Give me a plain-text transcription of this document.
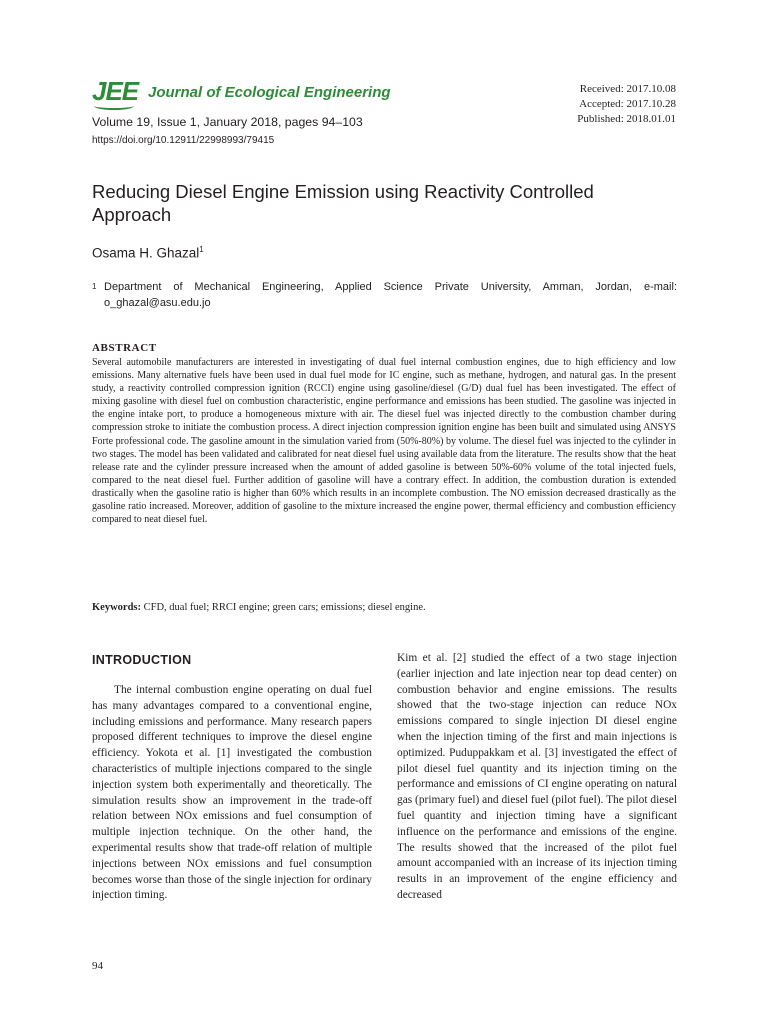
JEE Journal of Ecological Engineering
Volume 19, Issue 1, January 2018, pages 94–103
https://doi.org/10.12911/22998993/79415
Received: 2017.10.08
Accepted: 2017.10.28
Published: 2018.01.01
Reducing Diesel Engine Emission using Reactivity Controlled Approach
Osama H. Ghazal$^1$
1 Department of Mechanical Engineering, Applied Science Private University, Amman, Jordan, e-mail: o_ghazal@asu.edu.jo
ABSTRACT
Several automobile manufacturers are interested in investigating of dual fuel internal combustion engines, due to high efficiency and low emissions. Many alternative fuels have been used in dual fuel mode for IC engine, such as methane, hydrogen, and natural gas. In the present study, a reactivity controlled compression ignition (RCCI) engine using gasoline/diesel (G/D) dual fuel has been investigated. The effect of mixing gasoline with diesel fuel on combustion characteristic, engine performance and emissions has been studied. The gasoline was injected in the engine intake port, to produce a homogeneous mixture with air. The diesel fuel was injected directly to the combustion chamber during compression stroke to initiate the combustion process. A direct injection compression ignition engine has been built and simulated using ANSYS Forte professional code. The gasoline amount in the simulation varied from (50%-80%) by volume. The diesel fuel was injected to the cylinder in two stages. The model has been validated and calibrated for neat diesel fuel using available data from the literature. The results show that the heat release rate and the cylinder pressure increased when the amount of added gasoline is between 50%-60% volume of the total injected fuels, compared to the neat diesel fuel. Further addition of gasoline will have a contrary effect. In addition, the combustion duration is extended drastically when the gasoline ratio is higher than 60% which results in an incomplete combustion. The NO emission decreased drastically as the gasoline ratio increased. Moreover, addition of gasoline to the mixture increased the engine power, thermal efficiency and combustion efficiency compared to neat diesel fuel.
Keywords: CFD, dual fuel; RRCI engine; green cars; emissions; diesel engine.
INTRODUCTION

The internal combustion engine operating on dual fuel has many advantages compared to a conventional engine, including emissions and performance. Many research papers proposed different techniques to improve the diesel engine efficiency. Yokota et al. [1] investigated the combustion characteristics of multiple injections compared to the single injection system both experimentally and theoretically. The simulation results show an improvement in the trade-off relation between NOx emissions and fuel consumption of multiple injection technique. On the other hand, the experimental results show that trade-off relation of multiple injections between NOx emissions and fuel consumption becomes worse than those of the single injection for ordinary injection timing.

Kim et al. [2] studied the effect of a two stage injection (earlier injection and late injection near top dead center) on combustion behavior and engine emissions. The results showed that the two-stage injection can reduce NOx emissions compared to single injection DI diesel engine when the injection timing of the first and main injections is optimized. Puduppakkam et al. [3] investigated the effect of pilot diesel fuel quantity and its injection timing on the performance and emissions of CI engine operating on natural gas (primary fuel) and diesel fuel (pilot fuel). The pilot diesel fuel quantity and injection timing have a significant influence on the performance and emissions of the engine. The results showed that the increased of the pilot fuel amount accompanied with an increase of its injection timing results in an improvement of the engine efficiency and decreased

94
